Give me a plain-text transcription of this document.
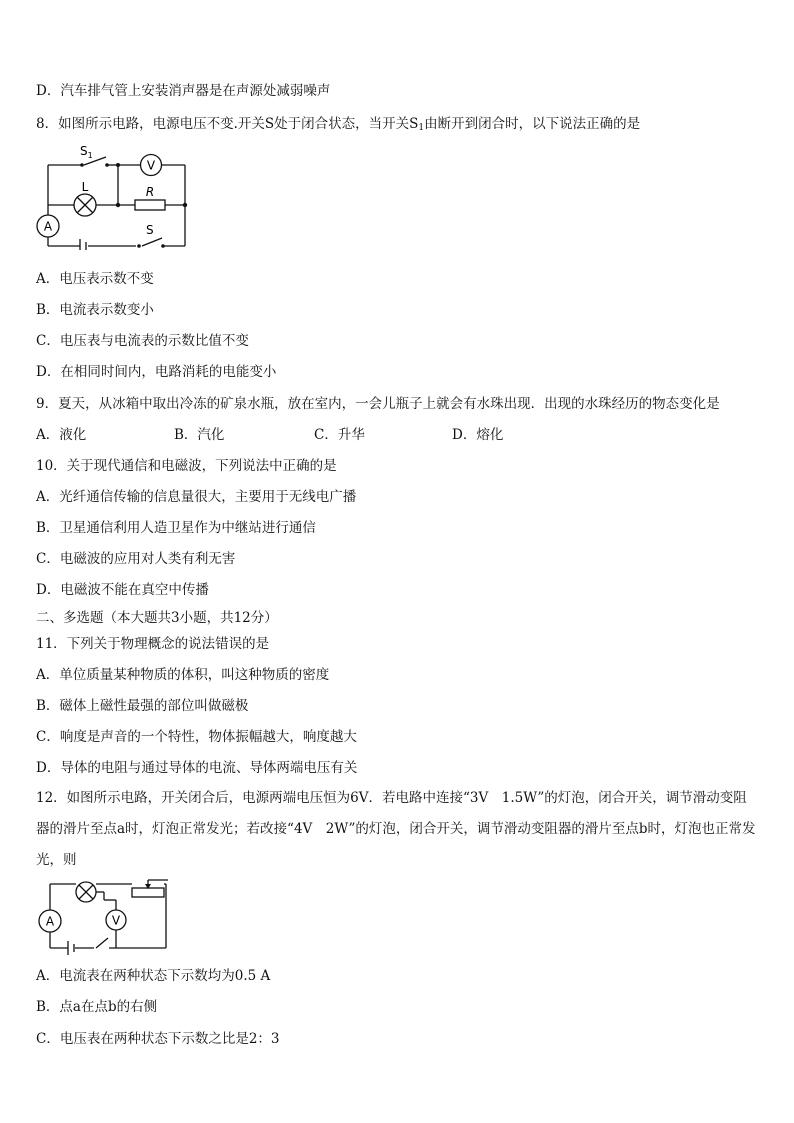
D．汽车排气管上安装消声器是在声源处减弱噪声
8．如图所示电路，电源电压不变.开关S处于闭合状态，当开关$S_1$由断开到闭合时，以下说法正确的是
$S_1$
V
L	R
A	S
A．电压表示数不变
B．电流表示数变小
C．电压表与电流表的示数比值不变
D．在相同时间内，电路消耗的电能变小
9．夏天，从冰箱中取出冷冻的矿泉水瓶，放在室内，一会儿瓶子上就会有水珠出现．出现的水珠经历的物态变化是
A．液化	B．汽化	C．升华	D．熔化
10．关于现代通信和电磁波，下列说法中正确的是
A．光纤通信传输的信息量很大，主要用于无线电广播
B．卫星通信利用人造卫星作为中继站进行通信
C．电磁波的应用对人类有利无害
D．电磁波不能在真空中传播
二、多选题（本大题共3小题，共12分）
11．下列关于物理概念的说法错误的是
A．单位质量某种物质的体积，叫这种物质的密度
B．磁体上磁性最强的部位叫做磁极
C．响度是声音的一个特性，物体振幅越大，响度越大
D．导体的电阻与通过导体的电流、导体两端电压有关
12．如图所示电路，开关闭合后，电源两端电压恒为6V．若电路中连接“3V　1.5W”的灯泡，闭合开关，调节滑动变阻器的滑片至点a时，灯泡正常发光；若改接“4V　2W”的灯泡，闭合开关，调节滑动变阻器的滑片至点b时，灯泡也正常发光，则
A	V
A．电流表在两种状态下示数均为0.5 A
B．点a在点b的右侧
C．电压表在两种状态下示数之比是2：3
